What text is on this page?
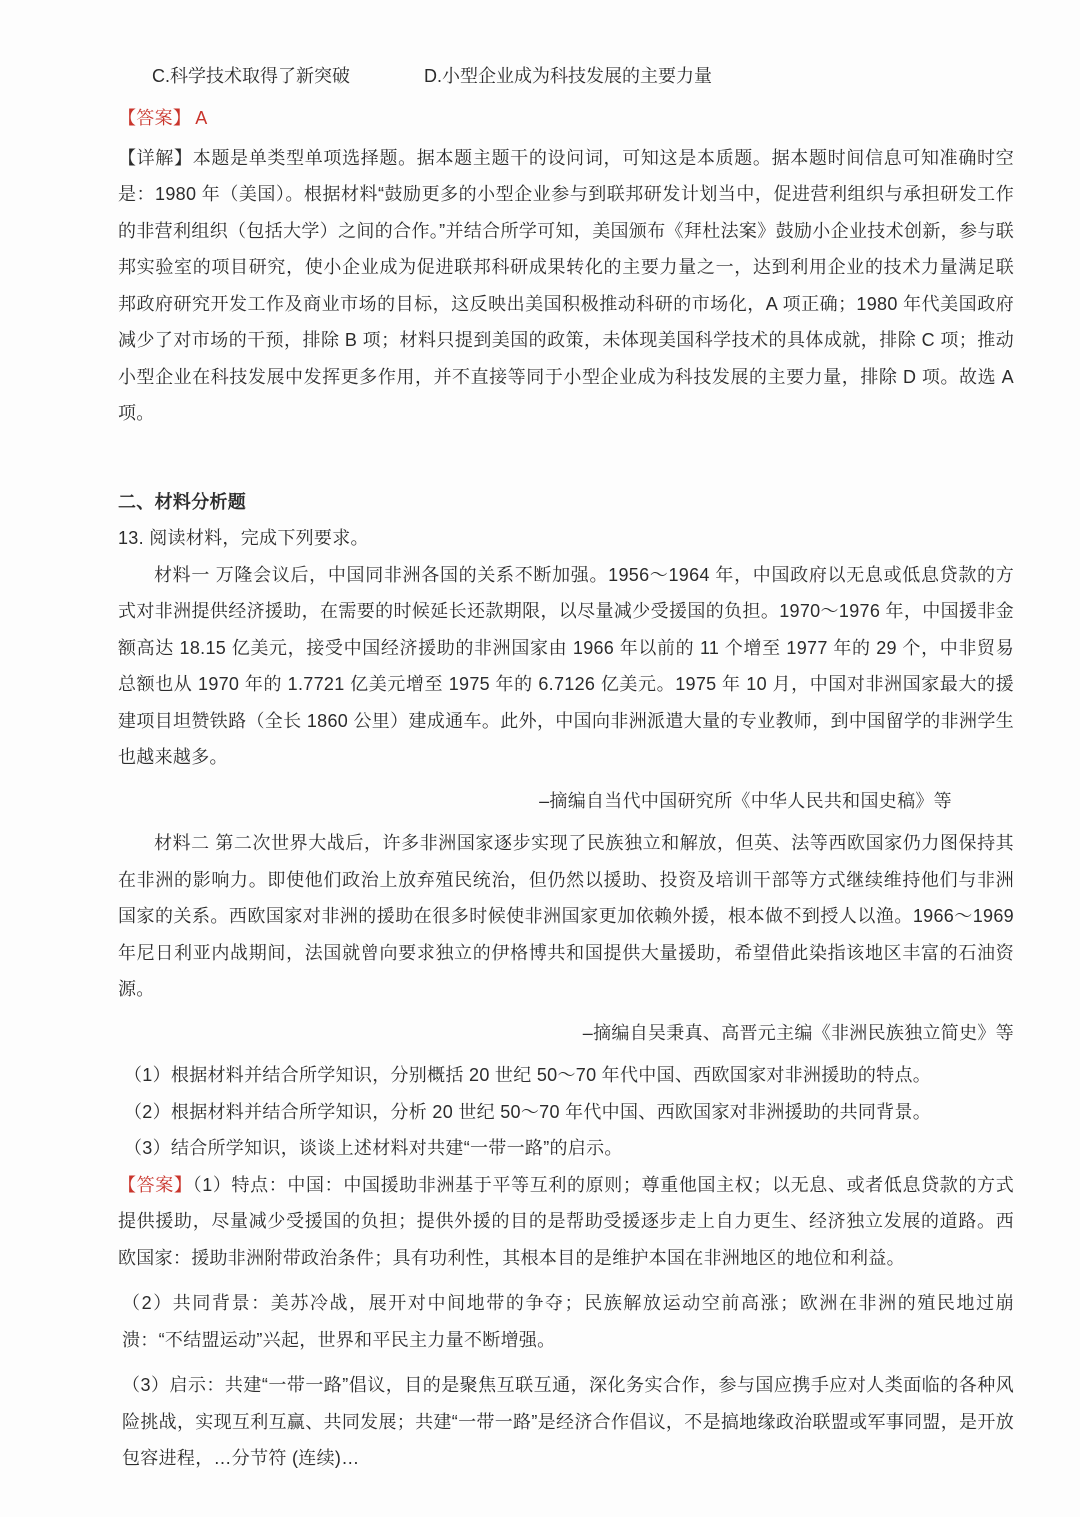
C.科学技术取得了新突破	D.小型企业成为科技发展的主要力量

【答案】 A

【详解】本题是单类型单项选择题。据本题主题干的设问词，可知这是本质题。据本题时间信息可知准确时空是：1980 年（美国）。根据材料“鼓励更多的小型企业参与到联邦研发计划当中，促进营利组织与承担研发工作的非营利组织（包括大学）之间的合作。”并结合所学可知，美国颁布《拜杜法案》鼓励小企业技术创新，参与联邦实验室的项目研究，使小企业成为促进联邦科研成果转化的主要力量之一，达到利用企业的技术力量满足联邦政府研究开发工作及商业市场的目标，这反映出美国积极推动科研的市场化，A 项正确；1980 年代美国政府减少了对市场的干预，排除 B 项；材料只提到美国的政策，未体现美国科学技术的具体成就，排除 C 项；推动小型企业在科技发展中发挥更多作用，并不直接等同于小型企业成为科技发展的主要力量，排除 D 项。故选 A 项。

二、材料分析题

13. 阅读材料，完成下列要求。

材料一 万隆会议后，中国同非洲各国的关系不断加强。1956～1964 年，中国政府以无息或低息贷款的方式对非洲提供经济援助，在需要的时候延长还款期限，以尽量减少受援国的负担。1970～1976 年，中国援非金额高达 18.15 亿美元，接受中国经济援助的非洲国家由 1966 年以前的 11 个增至 1977 年的 29 个，中非贸易总额也从 1970 年的 1.7721 亿美元增至 1975 年的 6.7126 亿美元。1975 年 10 月，中国对非洲国家最大的援建项目坦赞铁路（全长 1860 公里）建成通车。此外，中国向非洲派遣大量的专业教师，到中国留学的非洲学生也越来越多。

–摘编自当代中国研究所《中华人民共和国史稿》等

材料二 第二次世界大战后，许多非洲国家逐步实现了民族独立和解放，但英、法等西欧国家仍力图保持其在非洲的影响力。即使他们政治上放弃殖民统治，但仍然以援助、投资及培训干部等方式继续维持他们与非洲国家的关系。西欧国家对非洲的援助在很多时候使非洲国家更加依赖外援，根本做不到授人以渔。1966～1969 年尼日利亚内战期间，法国就曾向要求独立的伊格博共和国提供大量援助，希望借此染指该地区丰富的石油资源。

–摘编自吴秉真、高晋元主编《非洲民族独立简史》等

（1）根据材料并结合所学知识，分别概括 20 世纪 50～70 年代中国、西欧国家对非洲援助的特点。

（2）根据材料并结合所学知识，分析 20 世纪 50～70 年代中国、西欧国家对非洲援助的共同背景。

（3）结合所学知识，谈谈上述材料对共建“一带一路”的启示。

【答案】（1）特点：中国：中国援助非洲基于平等互利的原则；尊重他国主权；以无息、或者低息贷款的方式提供援助，尽量减少受援国的负担；提供外援的目的是帮助受援逐步走上自力更生、经济独立发展的道路。西欧国家：援助非洲附带政治条件；具有功利性，其根本目的是维护本国在非洲地区的地位和利益。

（2）共同背景：美苏冷战，展开对中间地带的争夺；民族解放运动空前高涨；欧洲在非洲的殖民地过崩溃：“不结盟运动”兴起，世界和平民主力量不断增强。

（3）启示：共建“一带一路”倡议，目的是聚焦互联互通，深化务实合作，参与国应携手应对人类面临的各种风险挑战，实现互利互赢、共同发展；共建“一带一路”是经济合作倡议，不是搞地缘政治联盟或军事同盟，是开放包容进程，…分节符 (连续)…
